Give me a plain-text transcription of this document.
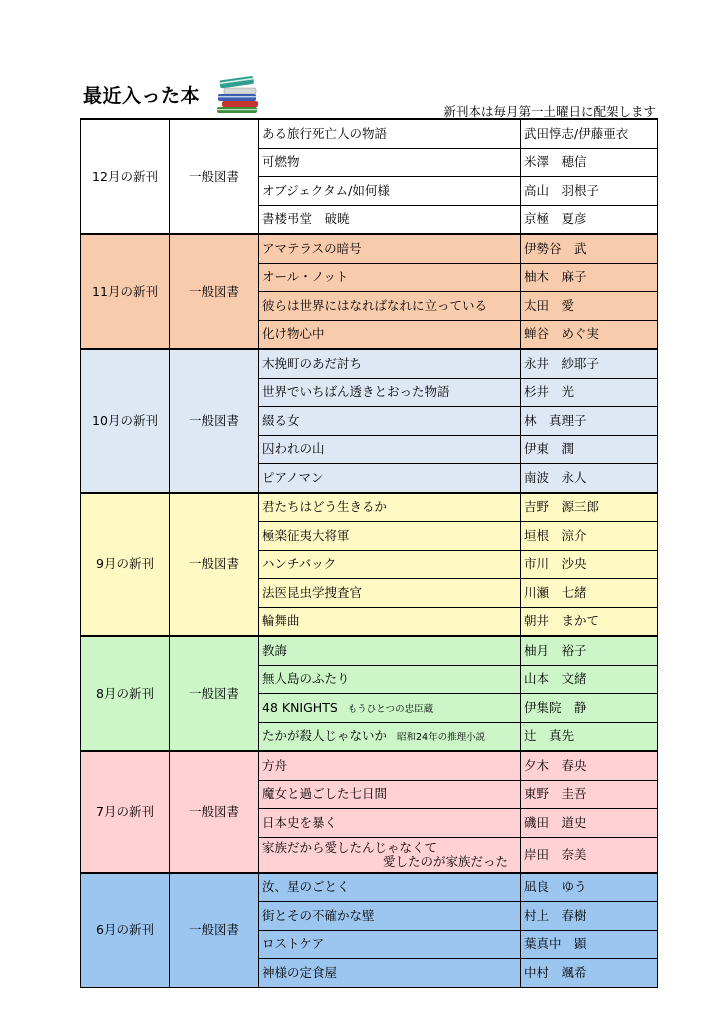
最近入った本
新刊本は毎月第一土曜日に配架します
12月の新刊	一般図書	ある旅行死亡人の物語	武田惇志/伊藤亜衣
		可燃物	米澤　穂信
		オブジェクタム/如何様	高山　羽根子
		書楼弔堂　破暁	京極　夏彦
11月の新刊	一般図書	アマテラスの暗号	伊勢谷　武
		オール・ノット	柚木　麻子
		彼らは世界にはなればなれに立っている	太田　愛
		化け物心中	蝉谷　めぐ実
10月の新刊	一般図書	木挽町のあだ討ち	永井　紗耶子
		世界でいちばん透きとおった物語	杉井　光
		綴る女	林　真理子
		囚われの山	伊東　潤
		ピアノマン	南波　永人
9月の新刊	一般図書	君たちはどう生きるか	吉野　源三郎
		極楽征夷大将軍	垣根　涼介
		ハンチバック	市川　沙央
		法医昆虫学捜査官	川瀬　七緒
		輪舞曲	朝井　まかて
8月の新刊	一般図書	教誨	柚月　裕子
		無人島のふたり	山本　文緒
		48 KNIGHTS もうひとつの忠臣蔵	伊集院　静
		たかが殺人じゃないか 昭和24年の推理小説	辻　真先
7月の新刊	一般図書	方舟	夕木　春央
		魔女と過ごした七日間	東野　圭吾
		日本史を暴く	磯田　道史
		家族だから愛したんじゃなくて
愛したのが家族だった	岸田　奈美
6月の新刊	一般図書	汝、星のごとく	凪良　ゆう
		街とその不確かな壁	村上　春樹
		ロストケア	葉真中　顕
		神様の定食屋	中村　颯希
